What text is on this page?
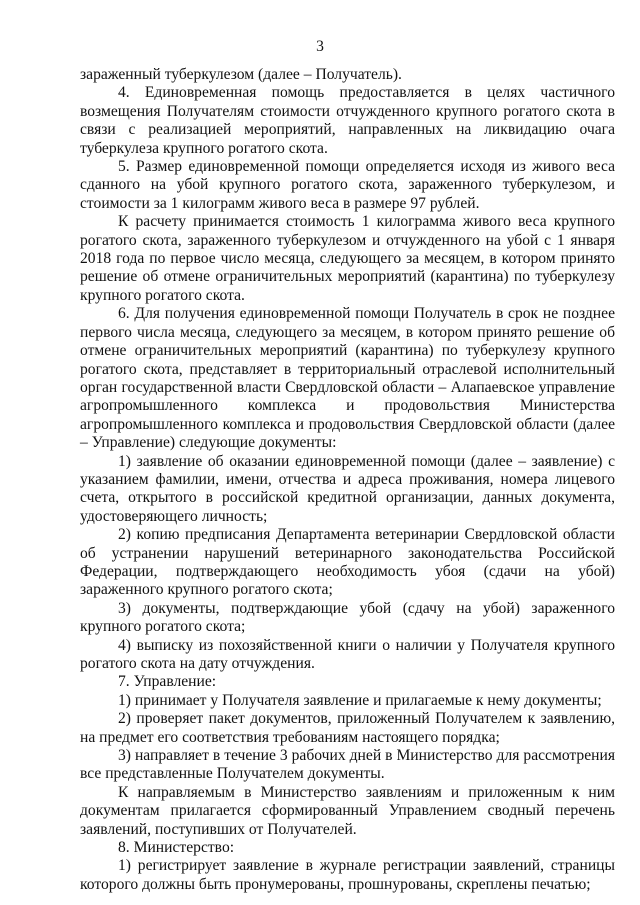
3

зараженный туберкулезом (далее – Получатель).

4. Единовременная помощь предоставляется в целях частичного возмещения Получателям стоимости отчужденного крупного рогатого скота в связи с реализацией мероприятий, направленных на ликвидацию очага туберкулеза крупного рогатого скота.

5. Размер единовременной помощи определяется исходя из живого веса сданного на убой крупного рогатого скота, зараженного туберкулезом, и стоимости за 1 килограмм живого веса в размере 97 рублей.

К расчету принимается стоимость 1 килограмма живого веса крупного рогатого скота, зараженного туберкулезом и отчужденного на убой с 1 января 2018 года по первое число месяца, следующего за месяцем, в котором принято решение об отмене ограничительных мероприятий (карантина) по туберкулезу крупного рогатого скота.

6. Для получения единовременной помощи Получатель в срок не позднее первого числа месяца, следующего за месяцем, в котором принято решение об отмене ограничительных мероприятий (карантина) по туберкулезу крупного рогатого скота, представляет в территориальный отраслевой исполнительный орган государственной власти Свердловской области – Алапаевское управление агропромышленного комплекса и продовольствия Министерства агропромышленного комплекса и продовольствия Свердловской области (далее – Управление) следующие документы:

1) заявление об оказании единовременной помощи (далее – заявление) с указанием фамилии, имени, отчества и адреса проживания, номера лицевого счета, открытого в российской кредитной организации, данных документа, удостоверяющего личность;

2) копию предписания Департамента ветеринарии Свердловской области об устранении нарушений ветеринарного законодательства Российской Федерации, подтверждающего необходимость убоя (сдачи на убой) зараженного крупного рогатого скота;

3) документы, подтверждающие убой (сдачу на убой) зараженного крупного рогатого скота;

4) выписку из похозяйственной книги о наличии у Получателя крупного рогатого скота на дату отчуждения.

7. Управление:

1) принимает у Получателя заявление и прилагаемые к нему документы;

2) проверяет пакет документов, приложенный Получателем к заявлению, на предмет его соответствия требованиям настоящего порядка;

3) направляет в течение 3 рабочих дней в Министерство для рассмотрения все представленные Получателем документы.

К направляемым в Министерство заявлениям и приложенным к ним документам прилагается сформированный Управлением сводный перечень заявлений, поступивших от Получателей.

8. Министерство:

1) регистрирует заявление в журнале регистрации заявлений, страницы которого должны быть пронумерованы, прошнурованы, скреплены печатью;
